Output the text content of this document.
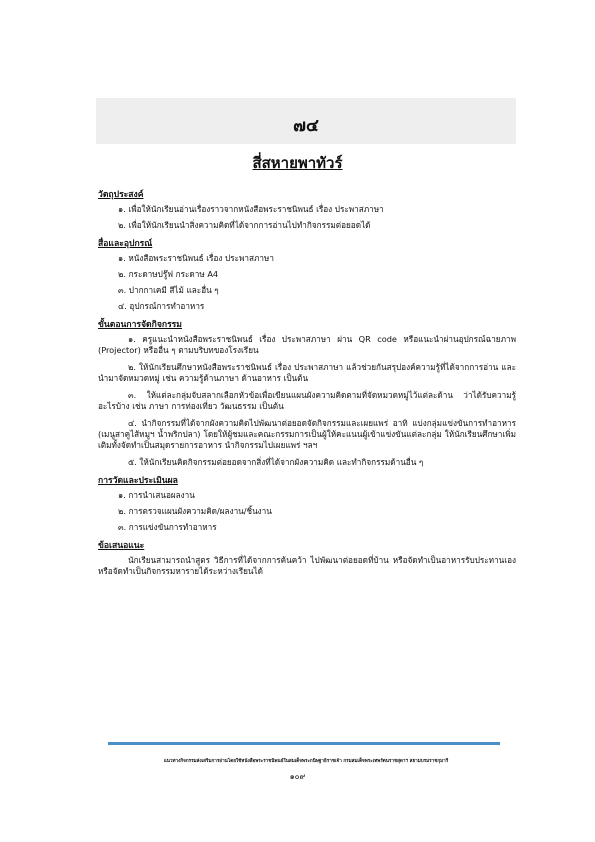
๗๔
สี่สหายพาทัวร์
วัตถุประสงค์

๑. เพื่อให้นักเรียนอ่านเรื่องราวจากหนังสือพระราชนิพนธ์ เรื่อง ประพาสภาษา

๒. เพื่อให้นักเรียนนำสิ่งความคิดที่ได้จากการอ่านไปทำกิจกรรมต่อยอดได้

สื่อและอุปกรณ์

๑. หนังสือพระราชนิพนธ์ เรื่อง ประพาสภาษา

๒. กระดาษปรู๊ฟ กระดาษ A4

๓. ปากกาเคมี สีไม้ และอื่น ๆ

๔. อุปกรณ์การทำอาหาร

ขั้นตอนการจัดกิจกรรม

๑. ครูแนะนำหนังสือพระราชนิพนธ์ เรื่อง ประพาสภาษา ผ่าน QR code หรือแนะนำผ่านอุปกรณ์ฉายภาพ (Projector) หรืออื่น ๆ ตามบริบทของโรงเรียน

๒. ให้นักเรียนศึกษาหนังสือพระราชนิพนธ์ เรื่อง ประพาสภาษา แล้วช่วยกันสรุปองค์ความรู้ที่ได้จากการอ่าน และนำมาจัดหมวดหมู่ เช่น ความรู้ด้านภาษา ด้านอาหาร เป็นต้น

๓. ให้แต่ละกลุ่มจับสลากเลือกหัวข้อเพื่อเขียนแผนผังความคิดตามที่จัดหมวดหมู่ไว้แต่ละด้าน ว่าได้รับความรู้อะไรบ้าง เช่น ภาษา การท่องเที่ยว วัฒนธรรม เป็นต้น

๔. นำกิจกรรมที่ได้จากผังความคิดไปพัฒนาต่อยอดจัดกิจกรรมและเผยแพร่ อาทิ แบ่งกลุ่มแข่งขันการทำอาหาร (เมนูสาคูไส้หมูฯ น้ำพริกปลา) โดยให้ผู้ชมและคณะกรรมการเป็นผู้ให้คะแนนผู้เข้าแข่งขันแต่ละกลุ่ม ให้นักเรียนศึกษาเพิ่มเติมทั้งจัดทำเป็นสมุดรายการอาหาร นำกิจกรรมไปเผยแพร่ ฯลฯ

๕. ให้นักเรียนคิดกิจกรรมต่อยอดจากสิ่งที่ได้จากผังความคิด และทำกิจกรรมด้านอื่น ๆ

การวัดและประเมินผล

๑. การนำเสนอผลงาน

๒. การตรวจแผนผังความคิด/ผลงาน/ชิ้นงาน

๓. การแข่งขันการทำอาหาร

ข้อเสนอแนะ

นักเรียนสามารถนำสูตร วิธีการที่ได้จากการค้นคว้า ไปพัฒนาต่อยอดที่บ้าน หรือจัดทำเป็นอาหารรับประทานเอง หรือจัดทำเป็นกิจกรรมหารายได้ระหว่างเรียนได้

แนวทางกิจกรรมส่งเสริมการอ่านโดยใช้หนังสือพระราชนิพนธ์ในสมเด็จพระกนิษฐาธิราชเจ้า กรมสมเด็จพระเทพรัตนราชสุดาฯ สยามบรมราชกุมารี
๑๐๙
